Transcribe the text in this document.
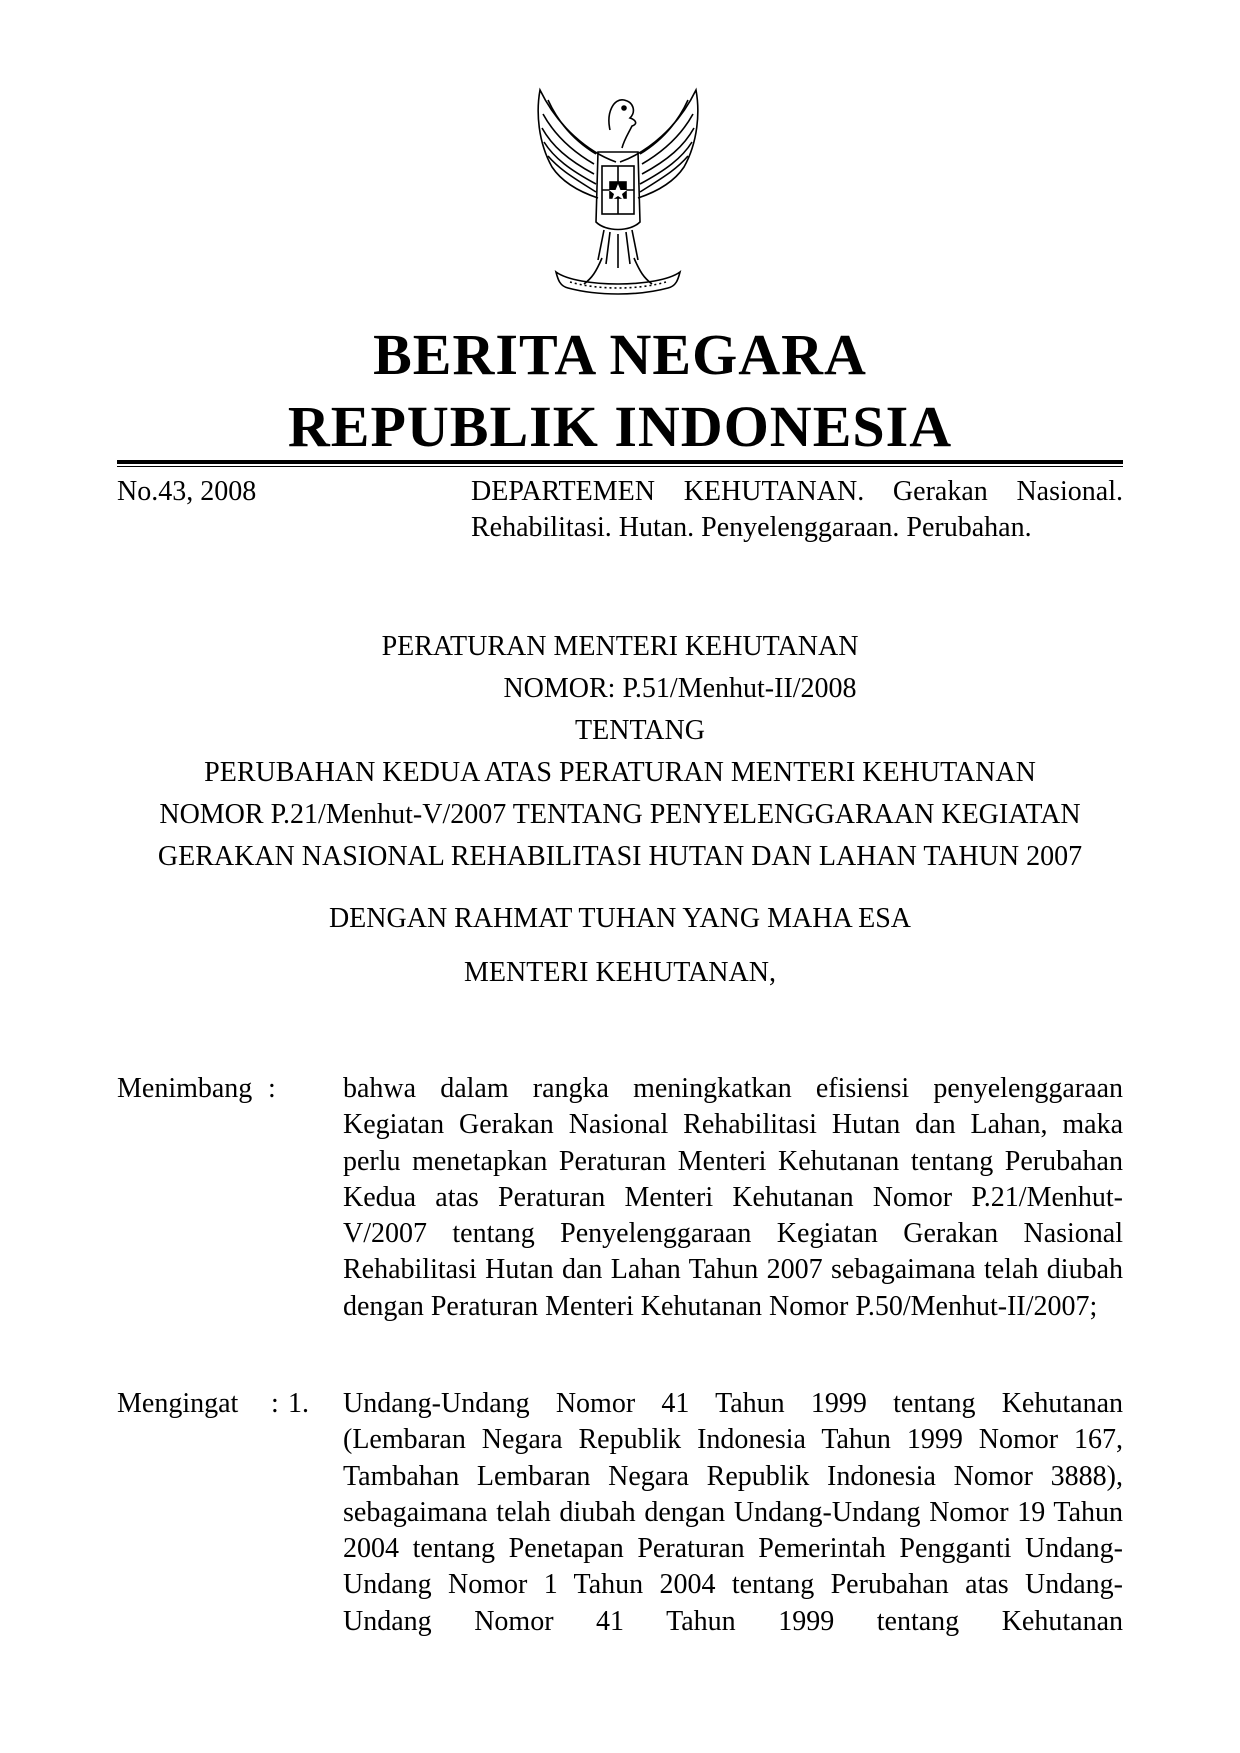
BERITA NEGARA
REPUBLIK INDONESIA
No.43, 2008	DEPARTEMEN KEHUTANAN. Gerakan Nasional. Rehabilitasi. Hutan. Penyelenggaraan. Perubahan.
PERATURAN MENTERI KEHUTANAN
NOMOR: P.51/Menhut-II/2008
TENTANG
PERUBAHAN KEDUA ATAS PERATURAN MENTERI KEHUTANAN
NOMOR P.21/Menhut-V/2007 TENTANG PENYELENGGARAAN KEGIATAN
GERAKAN NASIONAL REHABILITASI HUTAN DAN LAHAN TAHUN 2007
DENGAN RAHMAT TUHAN YANG MAHA ESA
MENTERI KEHUTANAN,
Menimbang : bahwa dalam rangka meningkatkan efisiensi penyelenggaraan Kegiatan Gerakan Nasional Rehabilitasi Hutan dan Lahan, maka perlu menetapkan Peraturan Menteri Kehutanan tentang Perubahan Kedua atas Peraturan Menteri Kehutanan Nomor P.21/Menhut-V/2007 tentang Penyelenggaraan Kegiatan Gerakan Nasional Rehabilitasi Hutan dan Lahan Tahun 2007 sebagaimana telah diubah dengan Peraturan Menteri Kehutanan Nomor P.50/Menhut-II/2007;
Mengingat : 1. Undang-Undang Nomor 41 Tahun 1999 tentang Kehutanan (Lembaran Negara Republik Indonesia Tahun 1999 Nomor 167, Tambahan Lembaran Negara Republik Indonesia Nomor 3888), sebagaimana telah diubah dengan Undang-Undang Nomor 19 Tahun 2004 tentang Penetapan Peraturan Pemerintah Pengganti Undang-Undang Nomor 1 Tahun 2004 tentang Perubahan atas Undang-Undang Nomor 41 Tahun 1999 tentang Kehutanan
